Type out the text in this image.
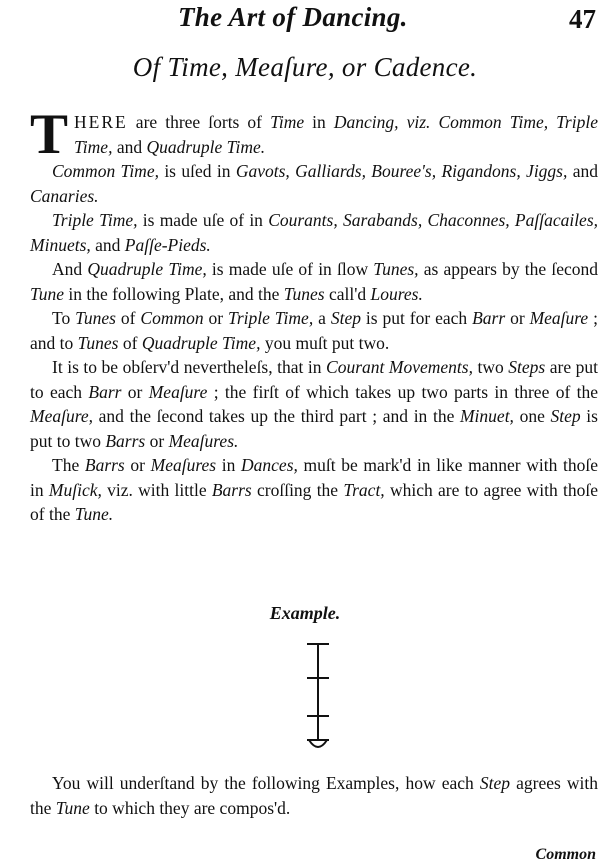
The Art of Dancing.	47
Of Time, Meaſure, or Cadence.

THERE are three ſorts of Time in Dancing, viz. Common Time, Triple Time, and Quadruple Time.

Common Time, is uſed in Gavots, Galliards, Bouree's, Rigandons, Jiggs, and Canaries.

Triple Time, is made uſe of in Courants, Sarabands, Chaconnes, Paſſacailes, Minuets, and Paſſe-Pieds.

And Quadruple Time, is made uſe of in ſlow Tunes, as appears by the ſecond Tune in the following Plate, and the Tunes call'd Loures.

To Tunes of Common or Triple Time, a Step is put for each Barr or Meaſure ; and to Tunes of Quadruple Time, you muſt put two.

It is to be obſerv'd nevertheleſs, that in Courant Movements, two Steps are put to each Barr or Meaſure ; the firſt of which takes up two parts in three of the Meaſure, and the ſecond takes up the third part ; and in the Minuet, one Step is put to two Barrs or Meaſures.

The Barrs or Meaſures in Dances, muſt be mark'd in like manner with thoſe in Muſick, viz. with little Barrs croſſing the Tract, which are to agree with thoſe of the Tune.

Example.

You will underſtand by the following Examples, how each Step agrees with the Tune to which they are compos'd.

Common
